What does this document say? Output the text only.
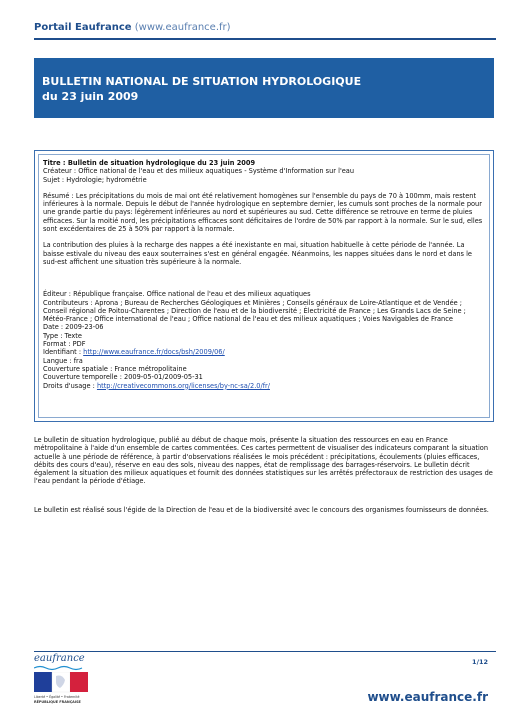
Portail Eaufrance (www.eaufrance.fr)
BULLETIN NATIONAL DE SITUATION HYDROLOGIQUE
du 23 juin 2009

Titre : Bulletin de situation hydrologique du 23 juin 2009

Créateur : Office national de l'eau et des milieux aquatiques - Système d'Information sur l'eau

Sujet : Hydrologie; hydrométrie

Résumé : Les précipitations du mois de mai ont été relativement homogènes sur l'ensemble du pays de 70 à 100mm, mais restent inférieures à la normale. Depuis le début de l'année hydrologique en septembre dernier, les cumuls sont proches de la normale pour une grande partie du pays: légèrement inférieures au nord et supérieures au sud. Cette différence se retrouve en terme de pluies efficaces. Sur la moitié nord, les précipitations efficaces sont déficitaires de l'ordre de 50% par rapport à la normale. Sur le sud, elles sont excédentaires de 25 à 50% par rapport à la normale.

La contribution des pluies à la recharge des nappes a été inexistante en mai, situation habituelle à cette période de l'année. La baisse estivale du niveau des eaux souterraines s'est en général engagée. Néanmoins, les nappes situées dans le nord et dans le sud-est affichent une situation très supérieure à la normale.

Éditeur : République française. Office national de l'eau et des milieux aquatiques

Contributeurs : Aprona ; Bureau de Recherches Géologiques et Minières ; Conseils généraux de Loire-Atlantique et de Vendée ; Conseil régional de Poitou-Charentes ; Direction de l'eau et de la biodiversité ; Électricité de France ; Les Grands Lacs de Seine ; Météo-France ; Office international de l'eau ; Office national de l'eau et des milieux aquatiques ; Voies Navigables de France

Date : 2009-23-06

Type : Texte

Format : PDF

Identifiant : http://www.eaufrance.fr/docs/bsh/2009/06/

Langue : fra

Couverture spatiale : France métropolitaine

Couverture temporelle : 2009-05-01/2009-05-31

Droits d'usage : http://creativecommons.org/licenses/by-nc-sa/2.0/fr/

Le bulletin de situation hydrologique, publié au début de chaque mois, présente la situation des ressources en eau en France métropolitaine à l'aide d'un ensemble de cartes commentées. Ces cartes permettent de visualiser des indicateurs comparant la situation actuelle à une période de référence, à partir d'observations réalisées le mois précédent : précipitations, écoulements (pluies efficaces, débits des cours d'eau), réserve en eau des sols, niveau des nappes, état de remplissage des barrages-réservoirs. Le bulletin décrit également la situation des milieux aquatiques et fournit des données statistiques sur les arrêtés préfectoraux de restriction des usages de l'eau pendant la période d'étiage.

Le bulletin est réalisé sous l'égide de la Direction de l'eau et de la biodiversité avec le concours des organismes fournisseurs de données.

eaufrance	1/12
Liberté • Égalité • Fraternité
RÉPUBLIQUE FRANÇAISE	www.eaufrance.fr
